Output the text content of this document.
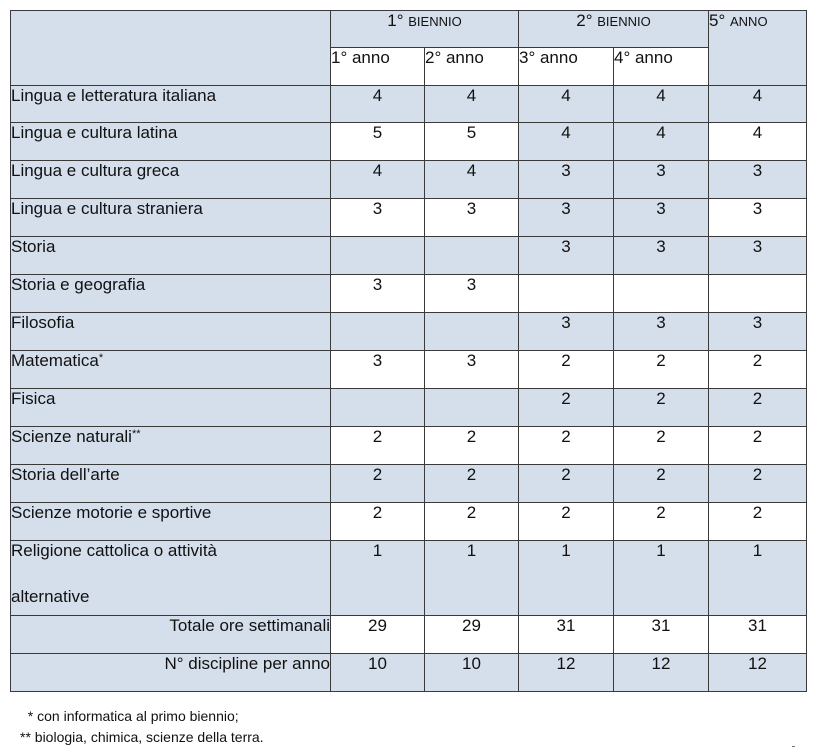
	1° BIENNIO		2° BIENNIO		5° ANNO
	1° anno	2° anno	3° anno	4° anno	
Lingua e letteratura italiana	4	4	4	4	4
Lingua e cultura latina	5	5	4	4	4
Lingua e cultura greca	4	4	3	3	3
Lingua e cultura straniera	3	3	3	3	3
Storia			3	3	3
Storia e geografia	3	3			
Filosofia			3	3	3
Matematica*	3	3	2	2	2
Fisica			2	2	2
Scienze naturali**	2	2	2	2	2
Storia dell’arte	2	2	2	2	2
Scienze motorie e sportive	2	2	2	2	2

Religione cattolica o attività
alternative	1	1	1	1	1
Totale ore settimanali	29	29	31	31	31
N° discipline per anno	10	10	12	12	12
* con informatica al primo biennio;
** biologia, chimica, scienze della terra.
